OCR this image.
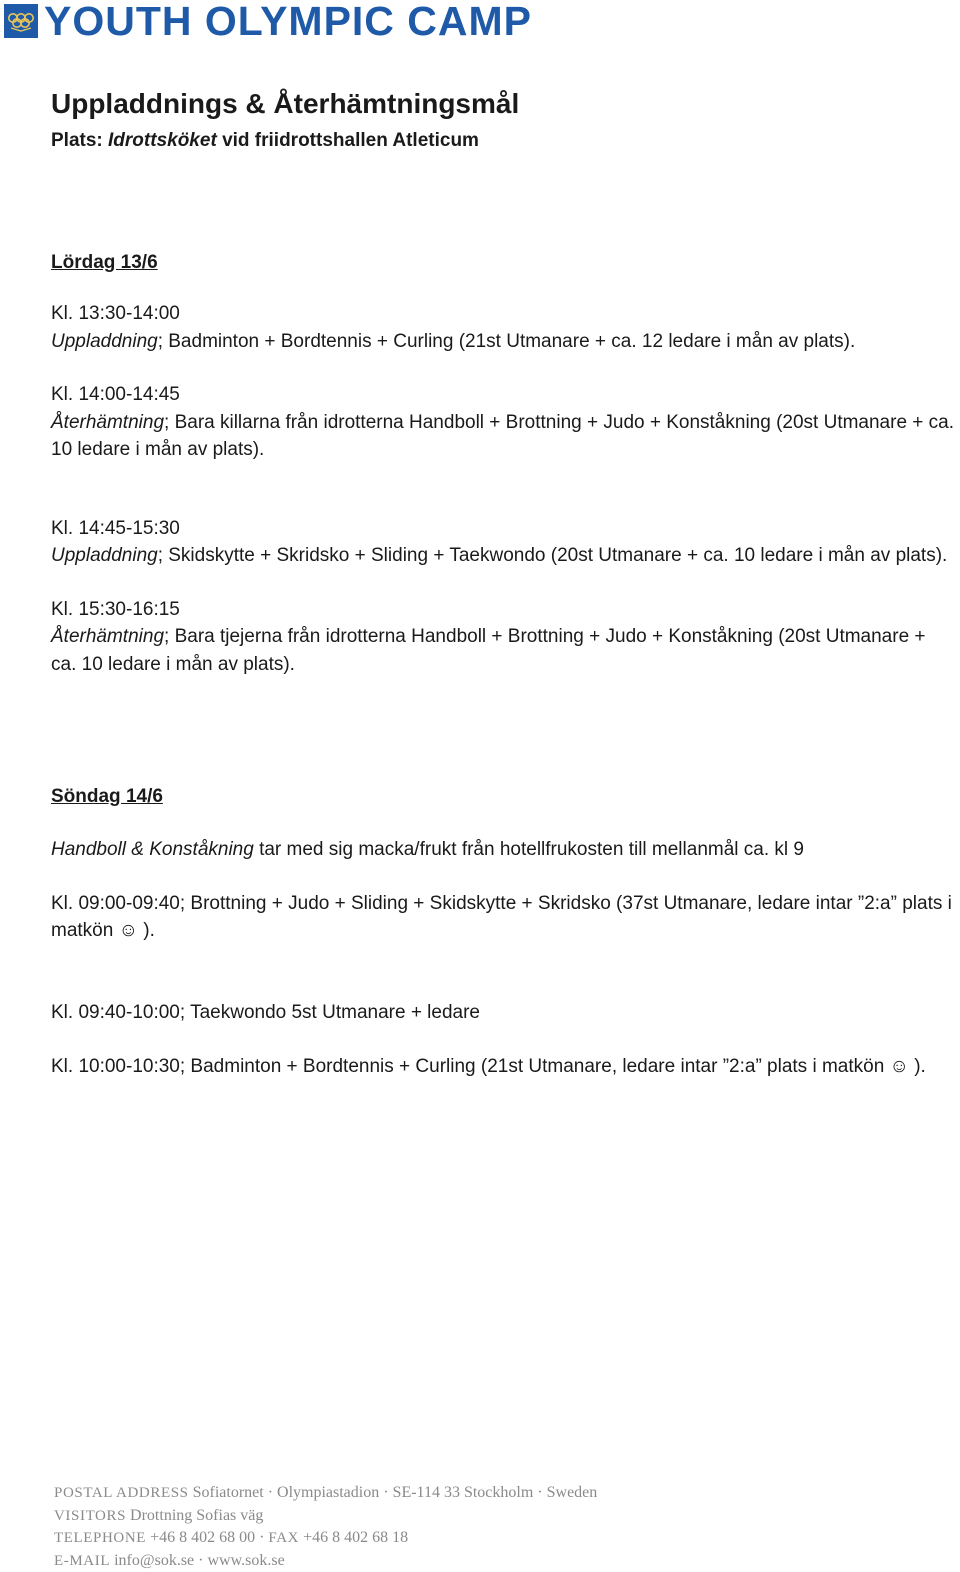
YOUTH OLYMPIC CAMP
Uppladdnings & Återhämtningsmål

Plats: Idrottsköket vid friidrottshallen Atleticum

Lördag 13/6

Kl. 13:30-14:00

Uppladdning; Badminton + Bordtennis + Curling (21st Utmanare + ca. 12 ledare i mån av plats).

Kl. 14:00-14:45

Återhämtning; Bara killarna från idrotterna Handboll + Brottning + Judo + Konståkning (20st Utmanare + ca. 10 ledare i mån av plats).

Kl. 14:45-15:30

Uppladdning; Skidskytte + Skridsko + Sliding + Taekwondo (20st Utmanare + ca. 10 ledare i mån av plats).

Kl. 15:30-16:15

Återhämtning; Bara tjejerna från idrotterna Handboll + Brottning + Judo + Konståkning (20st Utmanare + ca. 10 ledare i mån av plats).

Söndag 14/6

Handboll & Konståkning tar med sig macka/frukt från hotellfrukosten till mellanmål ca. kl 9

Kl. 09:00-09:40; Brottning + Judo + Sliding + Skidskytte + Skridsko (37st Utmanare, ledare intar ”2:a” plats i matkön ☺ ).

Kl. 09:40-10:00; Taekwondo 5st Utmanare + ledare

Kl. 10:00-10:30; Badminton + Bordtennis + Curling (21st Utmanare, ledare intar ”2:a” plats i matkön ☺ ).

POSTAL ADDRESS Sofiatornet · Olympiastadion · SE-114 33 Stockholm · Sweden
VISITORS Drottning Sofias väg
TELEPHONE +46 8 402 68 00 · FAX +46 8 402 68 18
E-MAIL info@sok.se · www.sok.se
